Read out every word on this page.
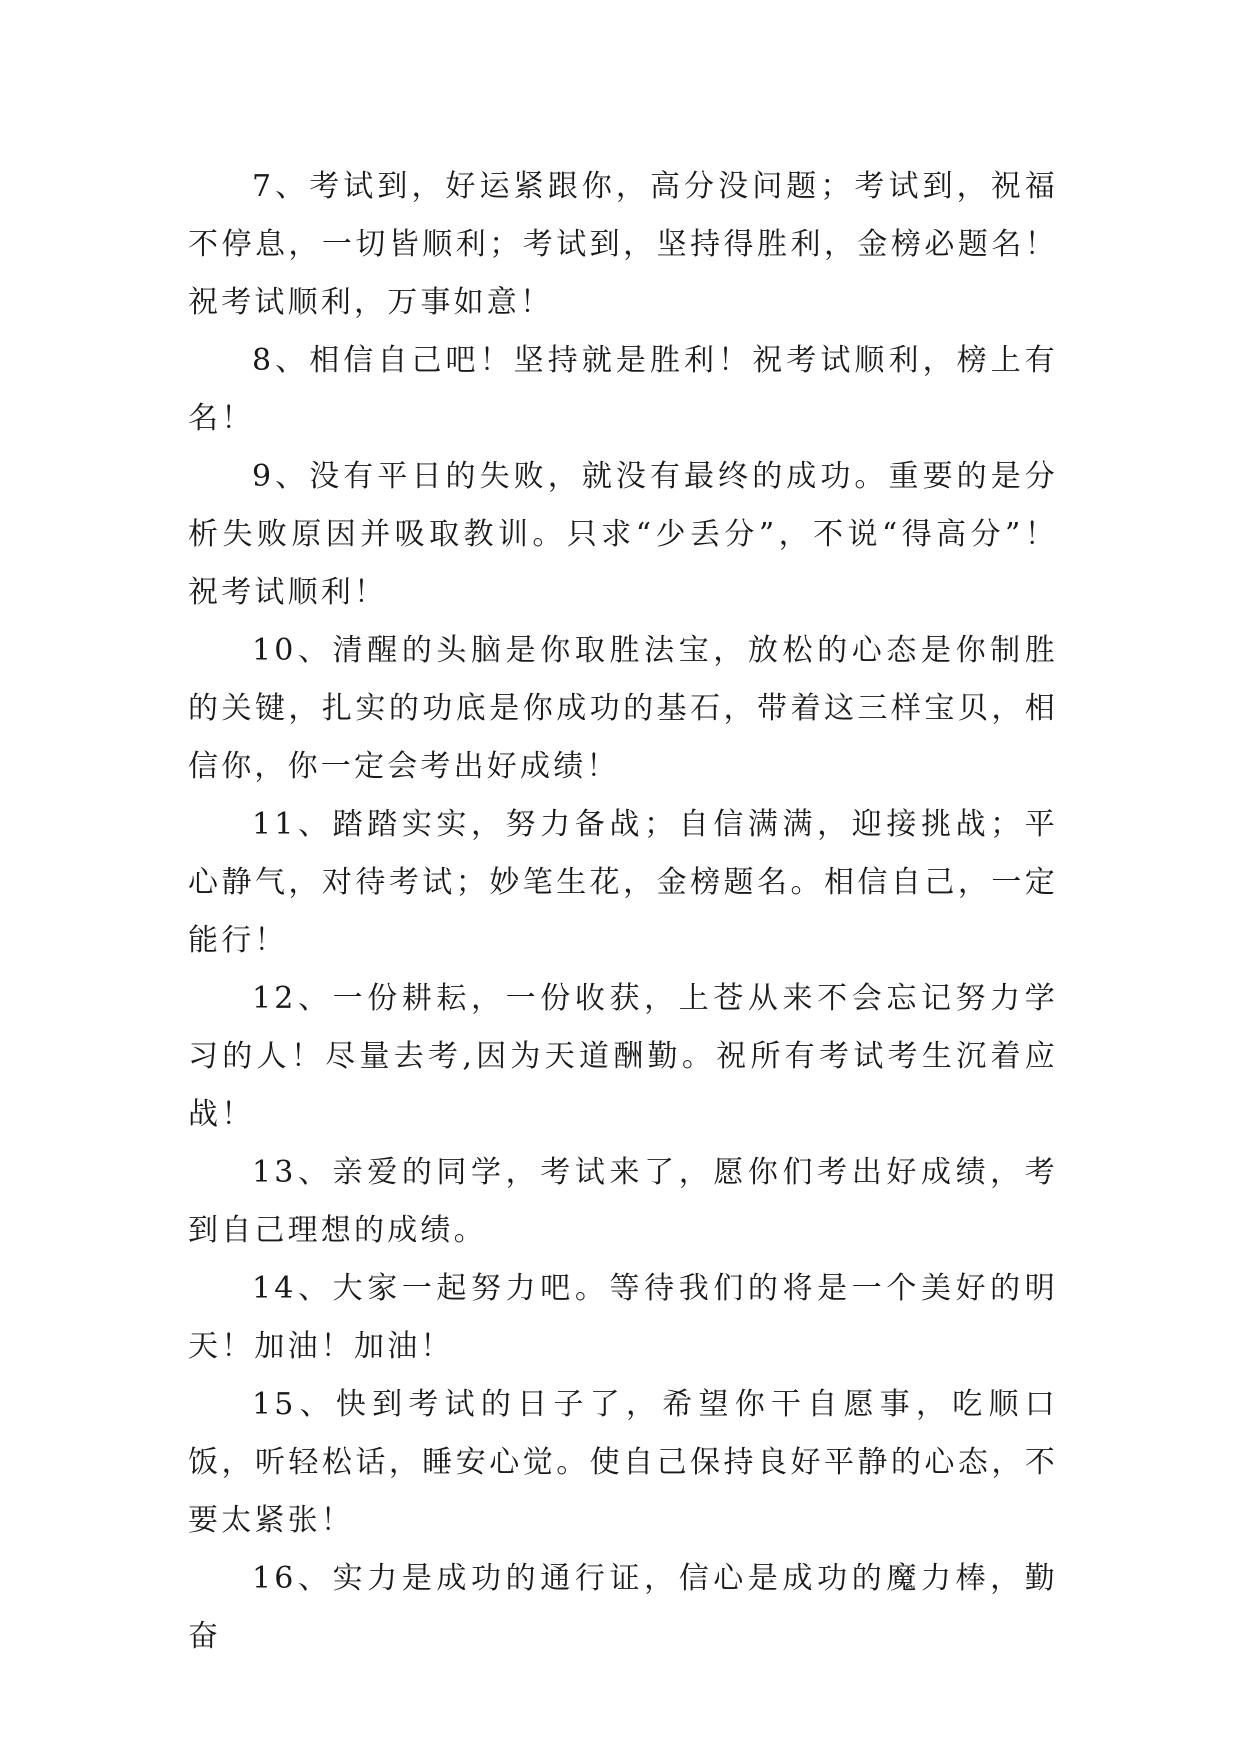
7、考试到，好运紧跟你，高分没问题；考试到，祝福不停息，一切皆顺利；考试到，坚持得胜利，金榜必题名！祝考试顺利，万事如意！

8、相信自己吧！坚持就是胜利！祝考试顺利，榜上有名！

9、没有平日的失败，就没有最终的成功。重要的是分析失败原因并吸取教训。只求“少丢分”，不说“得高分”！祝考试顺利！

10、清醒的头脑是你取胜法宝，放松的心态是你制胜的关键，扎实的功底是你成功的基石，带着这三样宝贝，相信你，你一定会考出好成绩！

11、踏踏实实，努力备战；自信满满，迎接挑战；平心静气，对待考试；妙笔生花，金榜题名。相信自己，一定能行！

12、一份耕耘，一份收获，上苍从来不会忘记努力学习的人！尽量去考,因为天道酬勤。祝所有考试考生沉着应战！

13、亲爱的同学，考试来了，愿你们考出好成绩，考到自己理想的成绩。

14、大家一起努力吧。等待我们的将是一个美好的明天！加油！加油！

15、快到考试的日子了，希望你干自愿事，吃顺口饭，听轻松话，睡安心觉。使自己保持良好平静的心态，不要太紧张！

16、实力是成功的通行证，信心是成功的魔力棒，勤奋
